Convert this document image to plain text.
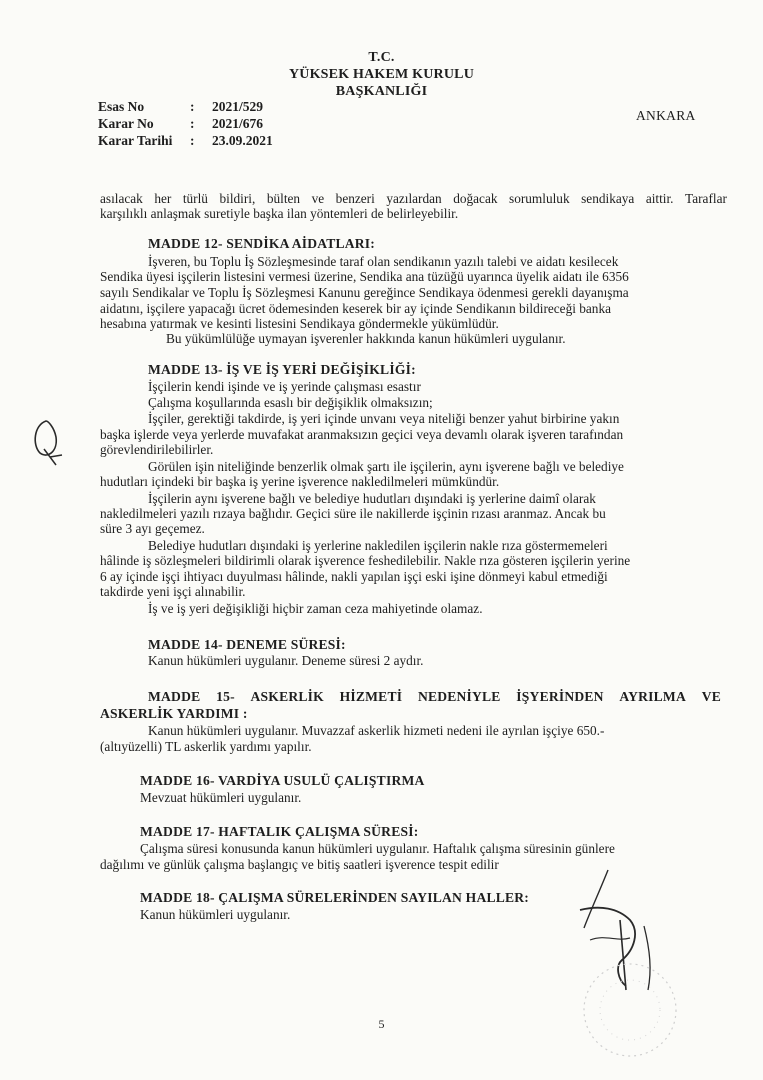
T.C.
YÜKSEK HAKEM KURULU
BAŞKANLIĞI
Esas No	:	2021/529
Karar No	:	2021/676
Karar Tarihi	:	23.09.2021
ANKARA
asılacak her türlü bildiri, bülten ve benzeri yazılardan doğacak sorumluluk sendikaya aittir. Taraflar
karşılıklı anlaşmak suretiyle başka ilan yöntemleri de belirleyebilir.
MADDE 12- SENDİKA AİDATLARI:
İşveren, bu Toplu İş Sözleşmesinde taraf olan sendikanın yazılı talebi ve aidatı kesilecek
Sendika üyesi işçilerin listesini vermesi üzerine, Sendika ana tüzüğü uyarınca üyelik aidatı ile 6356
sayılı Sendikalar ve Toplu İş Sözleşmesi Kanunu gereğince Sendikaya ödenmesi gerekli dayanışma
aidatını, işçilere yapacağı ücret ödemesinden keserek bir ay içinde Sendikanın bildireceği banka
hesabına yatırmak ve kesinti listesini Sendikaya göndermekle yükümlüdür.
Bu yükümlülüğe uymayan işverenler hakkında kanun hükümleri uygulanır.
MADDE 13- İŞ VE İŞ YERİ DEĞİŞİKLİĞİ:
İşçilerin kendi işinde ve iş yerinde çalışması esastır
Çalışma koşullarında esaslı bir değişiklik olmaksızın;
İşçiler, gerektiği takdirde, iş yeri içinde unvanı veya niteliği benzer yahut birbirine yakın
başka işlerde veya yerlerde muvafakat aranmaksızın geçici veya devamlı olarak işveren tarafından
görevlendirilebilirler.
Görülen işin niteliğinde benzerlik olmak şartı ile işçilerin, aynı işverene bağlı ve belediye
hudutları içindeki bir başka iş yerine işverence nakledilmeleri mümkündür.
İşçilerin aynı işverene bağlı ve belediye hudutları dışındaki iş yerlerine daimî olarak
nakledilmeleri yazılı rızaya bağlıdır. Geçici süre ile nakillerde işçinin rızası aranmaz. Ancak bu
süre 3 ayı geçemez.
Belediye hudutları dışındaki iş yerlerine nakledilen işçilerin nakle rıza göstermemeleri
hâlinde iş sözleşmeleri bildirimli olarak işverence feshedilebilir. Nakle rıza gösteren işçilerin yerine
6 ay içinde işçi ihtiyacı duyulması hâlinde, nakli yapılan işçi eski işine dönmeyi kabul etmediği
takdirde yeni işçi alınabilir.
İş ve iş yeri değişikliği hiçbir zaman ceza mahiyetinde olamaz.
MADDE 14- DENEME SÜRESİ:
Kanun hükümleri uygulanır. Deneme süresi 2 aydır.
MADDE 15- ASKERLİK HİZMETİ NEDENİYLE İŞYERİNDEN AYRILMA VE
ASKERLİK YARDIMI :
Kanun hükümleri uygulanır. Muvazzaf askerlik hizmeti nedeni ile ayrılan işçiye 650.-
(altıyüzelli) TL askerlik yardımı yapılır.
MADDE 16- VARDİYA USULÜ ÇALIŞTIRMA
Mevzuat hükümleri uygulanır.
MADDE 17- HAFTALIK ÇALIŞMA SÜRESİ:
Çalışma süresi konusunda kanun hükümleri uygulanır. Haftalık çalışma süresinin günlere
dağılımı ve günlük çalışma başlangıç ve bitiş saatleri işverence tespit edilir
MADDE 18- ÇALIŞMA SÜRELERİNDEN SAYILAN HALLER:
Kanun hükümleri uygulanır.
5
